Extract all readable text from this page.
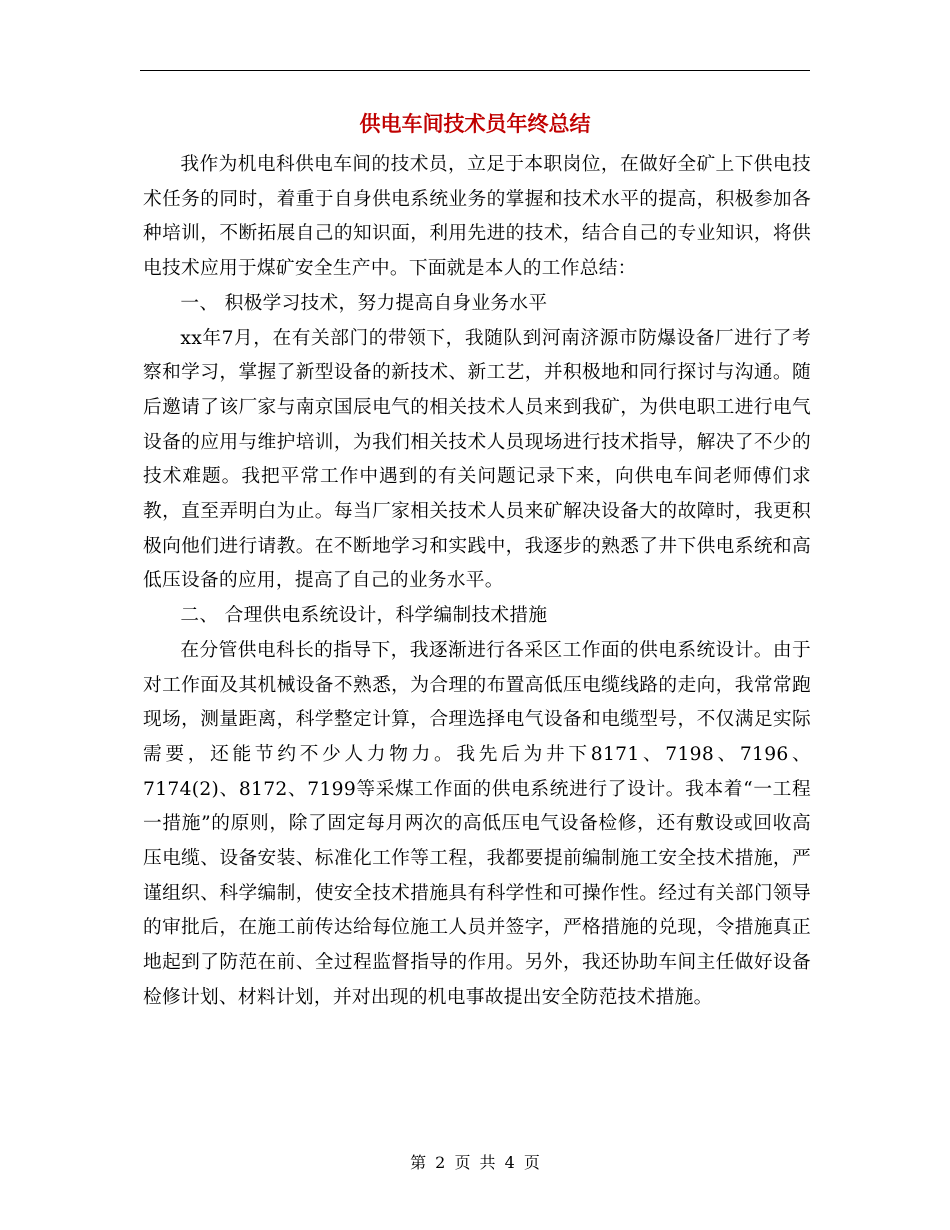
供电车间技术员年终总结

我作为机电科供电车间的技术员，立足于本职岗位，在做好全矿上下供电技术任务的同时，着重于自身供电系统业务的掌握和技术水平的提高，积极参加各种培训，不断拓展自己的知识面，利用先进的技术，结合自己的专业知识，将供电技术应用于煤矿安全生产中。下面就是本人的工作总结：

一、 积极学习技术，努力提高自身业务水平

xx年7月，在有关部门的带领下，我随队到河南济源市防爆设备厂进行了考察和学习，掌握了新型设备的新技术、新工艺，并积极地和同行探讨与沟通。随后邀请了该厂家与南京国辰电气的相关技术人员来到我矿，为供电职工进行电气设备的应用与维护培训，为我们相关技术人员现场进行技术指导，解决了不少的技术难题。我把平常工作中遇到的有关问题记录下来，向供电车间老师傅们求教，直至弄明白为止。每当厂家相关技术人员来矿解决设备大的故障时，我更积极向他们进行请教。在不断地学习和实践中，我逐步的熟悉了井下供电系统和高低压设备的应用，提高了自己的业务水平。

二、 合理供电系统设计，科学编制技术措施

在分管供电科长的指导下，我逐渐进行各采区工作面的供电系统设计。由于对工作面及其机械设备不熟悉，为合理的布置高低压电缆线路的走向，我常常跑现场，测量距离，科学整定计算，合理选择电气设备和电缆型号，不仅满足实际需要，还能节约不少人力物力。我先后为井下8171、7198、7196、7174(2)、8172、7199等采煤工作面的供电系统进行了设计。我本着“一工程一措施”的原则，除了固定每月两次的高低压电气设备检修，还有敷设或回收高压电缆、设备安装、标准化工作等工程，我都要提前编制施工安全技术措施，严谨组织、科学编制，使安全技术措施具有科学性和可操作性。经过有关部门领导的审批后，在施工前传达给每位施工人员并签字，严格措施的兑现，令措施真正地起到了防范在前、全过程监督指导的作用。另外，我还协助车间主任做好设备检修计划、材料计划，并对出现的机电事故提出安全防范技术措施。

第 2 页 共 4 页
